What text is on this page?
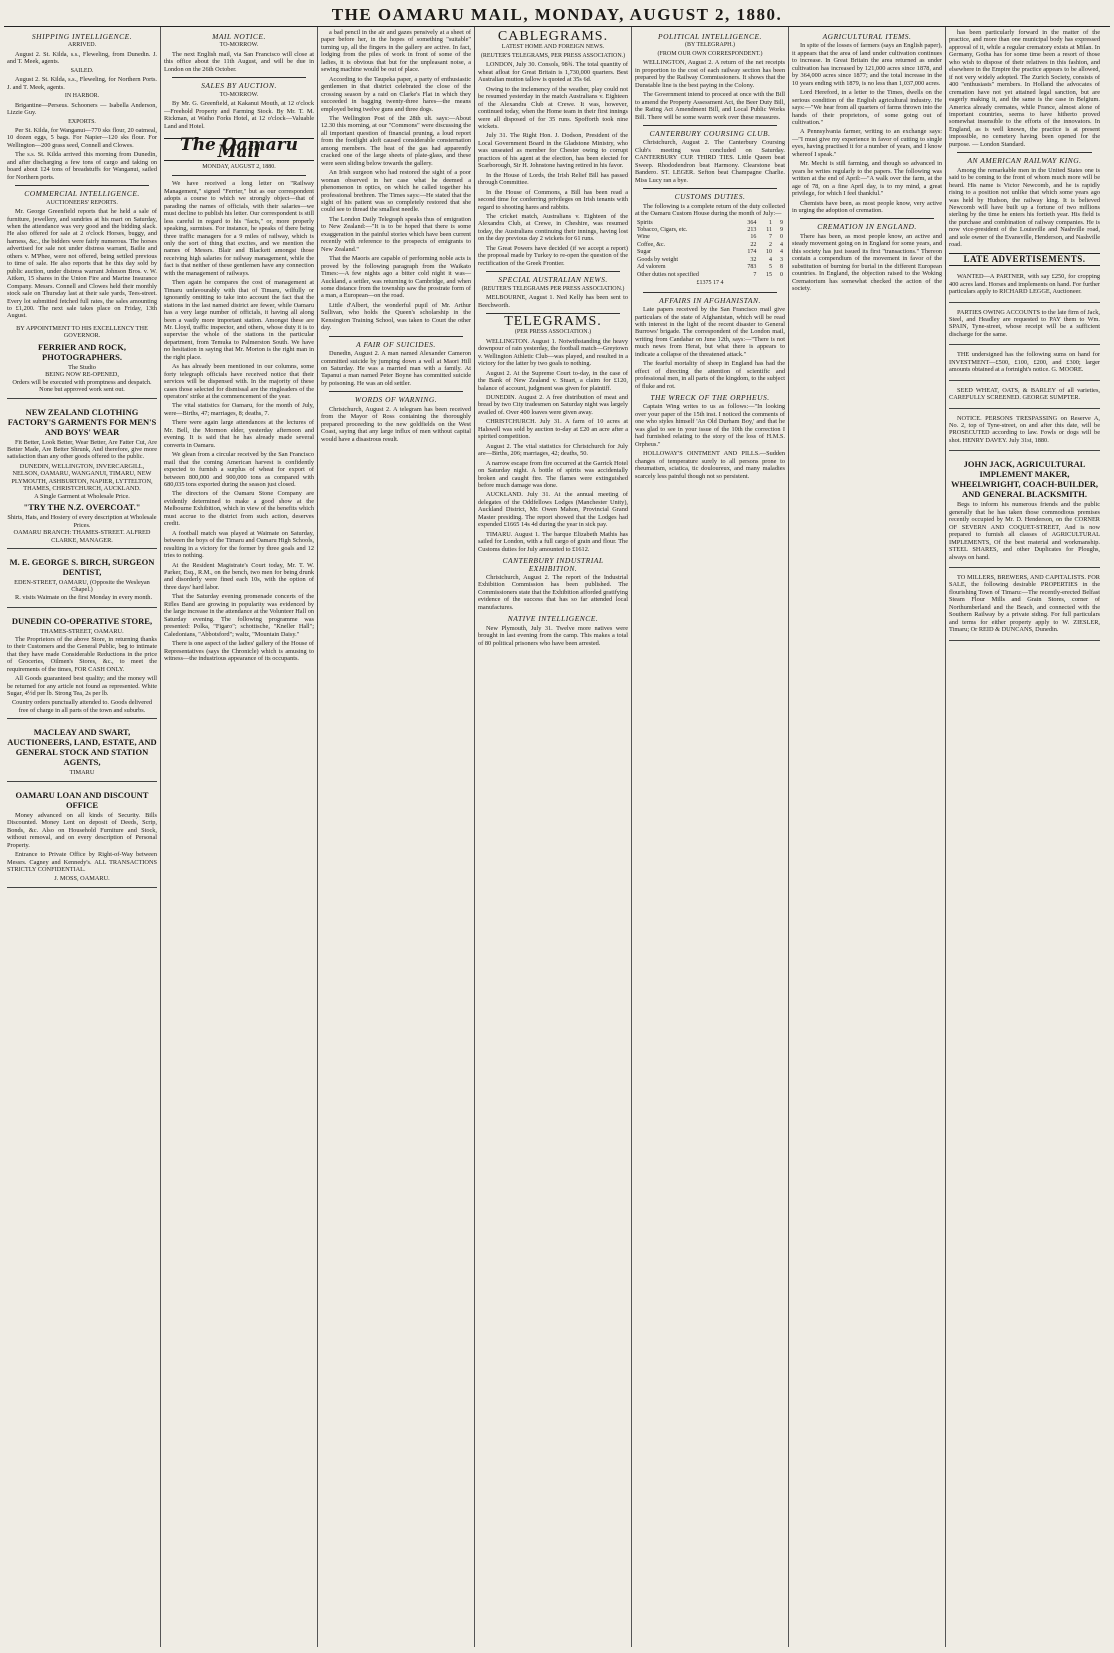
THE OAMARU MAIL, MONDAY, AUGUST 2, 1880.
SHIPPING INTELLIGENCE.
ARRIVED.

August 2. St. Kilda, s.s., Fleweling, from Dunedin. J. and T. Meek, agents.

SAILED.

August 2. St. Kilda, s.s., Fleweling, for Northern Ports. J. and T. Meek, agents.

IN HARBOR.

Brigantine—Perseus. Schooners — Isabella Anderson, Lizzie Guy.

EXPORTS.

Per St. Kilda, for Wanganui—770 sks flour, 20 oatmeal, 10 dozen eggs, 5 bags. For Napier—120 sks flour. For Wellington—200 grass seed, Connell and Clowes.

The s.s. St. Kilda arrived this morning from Dunedin, and after discharging a few tons of cargo and taking on board about 124 tons of breadstuffs for Wanganui, sailed for Northern ports.

COMMERCIAL INTELLIGENCE.
AUCTIONEERS' REPORTS.

Mr. George Greenfield reports that he held a sale of furniture, jewellery, and sundries at his mart on Saturday, when the attendance was very good and the bidding slack. He also offered for sale at 2 o'clock Horses, buggy, and harness, &c., the bidders were fairly numerous. The horses advertised for sale not under distress warrant, Bailie and others v. M'Phee, were not offered, being settled previous to time of sale. He also reports that he this day sold by public auction, under distress warrant Johnson Bros. v. W. Aitken, 15 shares in the Union Fire and Marine Insurance Company. Messrs. Connell and Clowes held their monthly stock sale on Thursday last at their sale yards, Tees-street. Every lot submitted fetched full rates, the sales amounting to £1,200. The next sale takes place on Friday, 13th August.

BY APPOINTMENT TO HIS EXCELLENCY THE GOVERNOR.
FERRIER AND ROCK, PHOTOGRAPHERS.
The Studio
BEING NOW RE-OPENED,
Orders will be executed with promptness and despatch.
None but approved work sent out.
NEW ZEALAND CLOTHING FACTORY'S GARMENTS FOR MEN'S AND BOYS' WEAR

Fit Better, Look Better, Wear Better, Are Fatter Cut, Are Better Made, Are Better Shrunk, And therefore, give more satisfaction than any other goods offered to the public.

DUNEDIN, WELLINGTON, INVERCARGILL, NELSON, OAMARU, WANGANUI, TIMARU, NEW PLYMOUTH, ASHBURTON, NAPIER, LYTTELTON, THAMES, CHRISTCHURCH, AUCKLAND.
A Single Garment at Wholesale Price.
"TRY THE N.Z. OVERCOAT."
Shirts, Hats, and Hosiery of every description at Wholesale Prices.
OAMARU BRANCH: THAMES-STREET. ALFRED CLARKE, MANAGER.
M. E. GEORGE S. BIRCH, SURGEON DENTIST,
EDEN-STREET, OAMARU, (Opposite the Wesleyan Chapel.)

R. visits Waimate on the first Monday in every month.

DUNEDIN CO-OPERATIVE STORE,
THAMES-STREET, OAMARU.

The Proprietors of the above Store, in returning thanks to their Customers and the General Public, beg to intimate that they have made Considerable Reductions in the price of Groceries, Oilmen's Stores, &c., to meet the requirements of the times, FOR CASH ONLY.

All Goods guaranteed best quality; and the money will be returned for any article not found as represented. White Sugar, 4½d per lb. Strong Tea, 2s per lb.

Country orders punctually attended to. Goods delivered free of charge in all parts of the town and suburbs.
MACLEAY AND SWART, AUCTIONEERS, LAND, ESTATE, AND GENERAL STOCK AND STATION AGENTS,
TIMARU
OAMARU LOAN AND DISCOUNT OFFICE

Money advanced on all kinds of Security. Bills Discounted. Money Lent on deposit of Deeds, Scrip, Bonds, &c. Also on Household Furniture and Stock, without removal, and on every description of Personal Property.

Entrance to Private Office by Right-of-Way between Messrs. Cagney and Kennedy's. ALL TRANSACTIONS STRICTLY CONFIDENTIAL.

J. MOSS, OAMARU.
MAIL NOTICE.
TO-MORROW.

The next English mail, via San Francisco will close at this office about the 11th August, and will be due in London on the 26th October.

SALES BY AUCTION.
TO-MORROW.

By Mr. G. Greenfield, at Kakanui Mouth, at 12 o'clock—Freehold Property and Farming Stock. By Mr. T. M. Rickman, at Waiho Forks Hotel, at 12 o'clock—Valuable Land and Hotel.

The Oamaru Mail
MONDAY, AUGUST 2, 1880.

We have received a long letter on "Railway Management," signed "Ferrier," but as our correspondent adopts a course to which we strongly object—that of parading the names of officials, with their salaries—we must decline to publish his letter. Our correspondent is still less careful in regard to his "facts," or, more properly speaking, surmises. For instance, he speaks of there being three traffic managers for a 9 miles of railway, which is only the sort of thing that excites, and we mention the names of Messrs. Blair and Blackett amongst those receiving high salaries for railway management, while the fact is that neither of these gentlemen have any connection with the management of railways.

Then again he compares the cost of management at Timaru unfavourably with that of Timaru, wilfully or ignorantly omitting to take into account the fact that the stations in the last named district are fewer, while Oamaru has a very large number of officials, it having all along been a vastly more important station. Amongst these are Mr. Lloyd, traffic inspector, and others, whose duty it is to supervise the whole of the stations in the particular department, from Temuka to Palmerston South. We have no hesitation in saying that Mr. Morton is the right man in the right place.

As has already been mentioned in our columns, some forty telegraph officials have received notice that their services will be dispensed with. In the majority of these cases those selected for dismissal are the ringleaders of the operators' strike at the commencement of the year.

The vital statistics for Oamaru, for the month of July, were—Births, 47; marriages, 8; deaths, 7.

There were again large attendances at the lectures of Mr. Bell, the Mormon elder, yesterday afternoon and evening. It is said that he has already made several converts in Oamaru.

We glean from a circular received by the San Francisco mail that the coming American harvest is confidently expected to furnish a surplus of wheat for export of between 800,000 and 900,000 tons as compared with 680,035 tons exported during the season just closed.

The directors of the Oamaru Stone Company are evidently determined to make a good show at the Melbourne Exhibition, which in view of the benefits which must accrue to the district from such action, deserves credit.

A football match was played at Waimate on Saturday, between the boys of the Timaru and Oamaru High Schools, resulting in a victory for the former by three goals and 12 tries to nothing.

At the Resident Magistrate's Court today, Mr. T. W. Parker, Esq., R.M., on the bench, two men for being drunk and disorderly were fined each 10s, with the option of three days' hard labor.

That the Saturday evening promenade concerts of the Rifles Band are growing in popularity was evidenced by the large increase in the attendance at the Volunteer Hall on Saturday evening. The following programme was presented: Polka, "Figaro"; schottische, "Kneller Hall"; Caledonians, "Abbotsford"; waltz, "Mountain Daisy."

There is one aspect of the ladies' gallery of the House of Representatives (says the Chronicle) which is amusing to witness—the industrious appearance of its occupants.

a bad pencil in the air and gazes pensively at a sheet of paper before her, in the hopes of something "suitable" turning up, all the fingers in the gallery are active. In fact, lodging from the piles of work in front of some of the ladies, it is obvious that but for the unpleasant noise, a sewing machine would be out of place.

According to the Taupeka paper, a party of enthusiastic gentlemen in that district celebrated the close of the crossing season by a raid on Clarke's Flat in which they succeeded in bagging twenty-three hares—the means employed being twelve guns and three dogs.

The Wellington Post of the 28th ult. says:—About 12.30 this morning, at our "Commons" were discussing the all important question of financial pruning, a loud report from the footlight aloft caused considerable consternation among members. The heat of the gas had apparently cracked one of the large sheets of plate-glass, and these were seen sliding below towards the gallery.

An Irish surgeon who had restored the sight of a poor woman observed in her case what he deemed a phenomenon in optics, on which he called together his professional brethren. The Times says:—He stated that the sight of his patient was so completely restored that she could see to thread the smallest needle.

The London Daily Telegraph speaks thus of emigration to New Zealand:—"It is to be hoped that there is some exaggeration in the painful stories which have been current recently with reference to the prospects of emigrants to New Zealand."

That the Maoris are capable of performing noble acts is proved by the following paragraph from the Waikato Times:—A few nights ago a bitter cold night it was—Auckland, a settler, was returning to Cambridge, and when some distance from the township saw the prostrate form of a man, a European—on the road.

Little d'Albert, the wonderful pupil of Mr. Arthur Sullivan, who holds the Queen's scholarship in the Kensington Training School, was taken to Court the other day.

A FAIR OF SUICIDES.

Dunedin, August 2. A man named Alexander Cameron committed suicide by jumping down a well at Maori Hill on Saturday. He was a married man with a family. At Tapanui a man named Peter Boyne has committed suicide by poisoning. He was an old settler.

WORDS OF WARNING.

Christchurch, August 2. A telegram has been received from the Mayor of Ross containing the thoroughly prepared proceeding to the new goldfields on the West Coast, saying that any large influx of men without capital would have a disastrous result.

CABLEGRAMS.
LATEST HOME AND FOREIGN NEWS.
(REUTER'S TELEGRAMS, PER PRESS ASSOCIATION.)

LONDON, July 30. Consols, 98¾. The total quantity of wheat afloat for Great Britain is 1,730,000 quarters. Best Australian mutton tallow is quoted at 35s 6d.

Owing to the inclemency of the weather, play could not be resumed yesterday in the match Australians v. Eighteen of the Alexandra Club at Crewe. It was, however, continued today, when the Home team in their first innings were all disposed of for 35 runs. Spofforth took nine wickets.

July 31. The Right Hon. J. Dodson, President of the Local Government Board in the Gladstone Ministry, who was unseated as member for Chester owing to corrupt practices of his agent at the election, has been elected for Scarborough, Sir H. Johnstone having retired in his favor.

In the House of Lords, the Irish Relief Bill has passed through Committee.

In the House of Commons, a Bill has been read a second time for conferring privileges on Irish tenants with regard to shooting hares and rabbits.

The cricket match, Australians v. Eighteen of the Alexandra Club, at Crewe, in Cheshire, was resumed today, the Australians continuing their innings, having lost on the day previous day 2 wickets for 61 runs.

The Great Powers have decided (if we accept a report) the proposal made by Turkey to re-open the question of the rectification of the Greek Frontier.

SPECIAL AUSTRALIAN NEWS.
(REUTER'S TELEGRAMS PER PRESS ASSOCIATION.)

MELBOURNE, August 1. Ned Kelly has been sent to Beechworth.

TELEGRAMS.
(PER PRESS ASSOCIATION.)

WELLINGTON. August 1. Notwithstanding the heavy downpour of rain yesterday, the football match—Greytown v. Wellington Athletic Club—was played, and resulted in a victory for the latter by two goals to nothing.

August 2. At the Supreme Court to-day, in the case of the Bank of New Zealand v. Stuart, a claim for £120, balance of account, judgment was given for plaintiff.

DUNEDIN. August 2. A free distribution of meat and bread by two City tradesmen on Saturday night was largely availed of. Over 400 loaves were given away.

CHRISTCHURCH. July 31. A farm of 10 acres at Halswell was sold by auction to-day at £20 an acre after a spirited competition.

August 2. The vital statistics for Christchurch for July are—Births, 206; marriages, 42; deaths, 50.

A narrow escape from fire occurred at the Garrick Hotel on Saturday night. A bottle of spirits was accidentally broken and caught fire. The flames were extinguished before much damage was done.

AUCKLAND. July 31. At the annual meeting of delegates of the Oddfellows Lodges (Manchester Unity), Auckland District, Mr. Owen Mahon, Provincial Grand Master presiding. The report showed that the Lodges had expended £1665 14s 4d during the year in sick pay.

TIMARU. August 1. The barque Elizabeth Mathis has sailed for London, with a full cargo of grain and flour. The Customs duties for July amounted to £1612.

CANTERBURY INDUSTRIAL EXHIBITION.

Christchurch, August 2. The report of the Industrial Exhibition Commission has been published. The Commissioners state that the Exhibition afforded gratifying evidence of the success that has so far attended local manufactures.

NATIVE INTELLIGENCE.

New Plymouth, July 31. Twelve more natives were brought in last evening from the camp. This makes a total of 80 political prisoners who have been arrested.

POLITICAL INTELLIGENCE.
(BY TELEGRAPH.)
(FROM OUR OWN CORRESPONDENT.)

WELLINGTON, August 2. A return of the net receipts in proportion to the cost of each railway section has been prepared by the Railway Commissioners. It shows that the Dunstable line is the best paying in the Colony.

The Government intend to proceed at once with the Bill to amend the Property Assessment Act, the Beer Duty Bill, the Rating Act Amendment Bill, and Local Public Works Bill. There will be some warm work over these measures.

CANTERBURY COURSING CLUB.

Christchurch, August 2. The Canterbury Coursing Club's meeting was concluded on Saturday. CANTERBURY CUP. THIRD TIES. Little Queen beat Sweep. Rhododendron beat Harmony. Clearstone beat Bandero. ST. LEGER. Sefton beat Champagne Charlie. Miss Lucy ran a bye.

CUSTOMS DUTIES.

The following is a complete return of the duty collected at the Oamaru Custom House during the month of July:—

Spirits	364	1	9
Tobacco, Cigars, etc.	213	11	9
Wine	16	7	0
Coffee, &c.	22	2	4
Sugar	174	10	4
Goods by weight	32	4	3
Ad valorem	783	5	8
Other duties not specified	7	15	0
£1375 17 4
AFFAIRS IN AFGHANISTAN.

Late papers received by the San Francisco mail give particulars of the state of Afghanistan, which will be read with interest in the light of the recent disaster to General Burrows' brigade. The correspondent of the London mail, writing from Candahar on June 12th, says:—"There is not much news from Herat, but what there is appears to indicate a collapse of the threatened attack."

The fearful mortality of sheep in England has had the effect of directing the attention of scientific and professional men, in all parts of the kingdom, to the subject of fluke and rot.

THE WRECK OF THE ORPHEUS.

Captain Wing writes to us as follows:—"In looking over your paper of the 15th inst. I noticed the comments of one who styles himself 'An Old Durham Boy,' and that he was glad to see in your issue of the 10th the correction I had furnished relating to the story of the loss of H.M.S. Orpheus."

HOLLOWAY'S OINTMENT AND PILLS.—Sudden changes of temperature surely to all persons prone to rheumatism, sciatica, tic douloureux, and many maladies scarcely less painful though not so persistent.

AGRICULTURAL ITEMS.

In spite of the losses of farmers (says an English paper), it appears that the area of land under cultivation continues to increase. In Great Britain the area returned as under cultivation has increased by 121,000 acres since 1878, and by 364,000 acres since 1877; and the total increase in the 10 years ending with 1879, is no less than 1,037,000 acres.

Lord Hereford, in a letter to the Times, dwells on the serious condition of the English agricultural industry. He says:—"We hear from all quarters of farms thrown into the hands of their proprietors, of some going out of cultivation."

A Pennsylvania farmer, writing to an exchange says:—"I must give my experience in favor of cutting to single eyes, having practised it for a number of years, and I know whereof I speak."

Mr. Mechi is still farming, and though so advanced in years he writes regularly to the papers. The following was written at the end of April:—"A walk over the farm, at the age of 78, on a fine April day, is to my mind, a great privilege, for which I feel thankful."

Chemists have been, as most people know, very active in urging the adoption of cremation.

CREMATION IN ENGLAND.

There has been, as most people know, an active and steady movement going on in England for some years, and this society has just issued its first "transactions." Thereon contain a compendium of the movement in favor of the substitution of burning for burial in the different European countries. In England, the objection raised to the Woking Crematorium has somewhat checked the action of the society.

has been particularly forward in the matter of the practice, and more than one municipal body has expressed approval of it, while a regular crematory exists at Milan. In Germany, Gotha has for some time been a resort of those who wish to dispose of their relatives in this fashion, and elsewhere in the Empire the practice appears to be allowed, if not very widely adopted. The Zurich Society, consists of 400 "enthusiasts" members. In Holland the advocates of cremation have not yet attained legal sanction, but are eagerly making it, and the same is the case in Belgium. America already cremates, while France, almost alone of important countries, seems to have hitherto proved somewhat insensible to the efforts of the innovators. In England, as is well known, the practice is at present impossible, no cemetery having been opened for the purpose. — London Standard.

AN AMERICAN RAILWAY KING.

Among the remarkable men in the United States one is said to be coming to the front of whom much more will be heard. His name is Victor Newcomb, and he is rapidly rising to a position not unlike that which some years ago was held by Hudson, the railway king. It is believed Newcomb will have built up a fortune of two millions sterling by the time he enters his fortieth year. His field is the purchase and combination of railway companies. He is now vice-president of the Louisville and Nashville road, and sole owner of the Evansville, Henderson, and Nashville road.

LATE ADVERTISEMENTS.

WANTED—A PARTNER, with say £250, for cropping 400 acres land. Horses and implements on hand. For further particulars apply to RICHARD LEGGE, Auctioneer.

PARTIES OWING ACCOUNTS to the late firm of Jack, Steel, and Headley are requested to PAY them to Wm. SPAIN, Tyne-street, whose receipt will be a sufficient discharge for the same.

THE undersigned has the following sums on hand for INVESTMENT—£500, £100, £200, and £300; larger amounts obtained at a fortnight's notice. G. MOORE.

SEED WHEAT, OATS, & BARLEY of all varieties, CAREFULLY SCREENED. GEORGE SUMPTER.

NOTICE. PERSONS TRESPASSING on Reserve A, No. 2, top of Tyne-street, on and after this date, will be PROSECUTED according to law. Fowls or dogs will be shot. HENRY DAVEY. July 31st, 1880.

JOHN JACK, AGRICULTURAL IMPLEMENT MAKER, WHEELWRIGHT, COACH-BUILDER, AND GENERAL BLACKSMITH.

Begs to inform his numerous friends and the public generally that he has taken those commodious premises recently occupied by Mr. D. Henderson, on the CORNER OF SEVERN AND COQUET-STREET, And is now prepared to furnish all classes of AGRICULTURAL IMPLEMENTS, Of the best material and workmanship. STEEL SHARES, and other Duplicates for Ploughs, always on hand.

TO MILLERS, BREWERS, AND CAPITALISTS. FOR SALE, the following desirable PROPERTIES in the flourishing Town of Timaru:—The recently-erected Belfast Steam Flour Mills and Grain Stores, corner of Northumberland and the Beach, and connected with the Southern Railway by a private siding. For full particulars and terms for either property apply to W. ZIESLER, Timaru; Or REID & DUNCANS, Dunedin.
